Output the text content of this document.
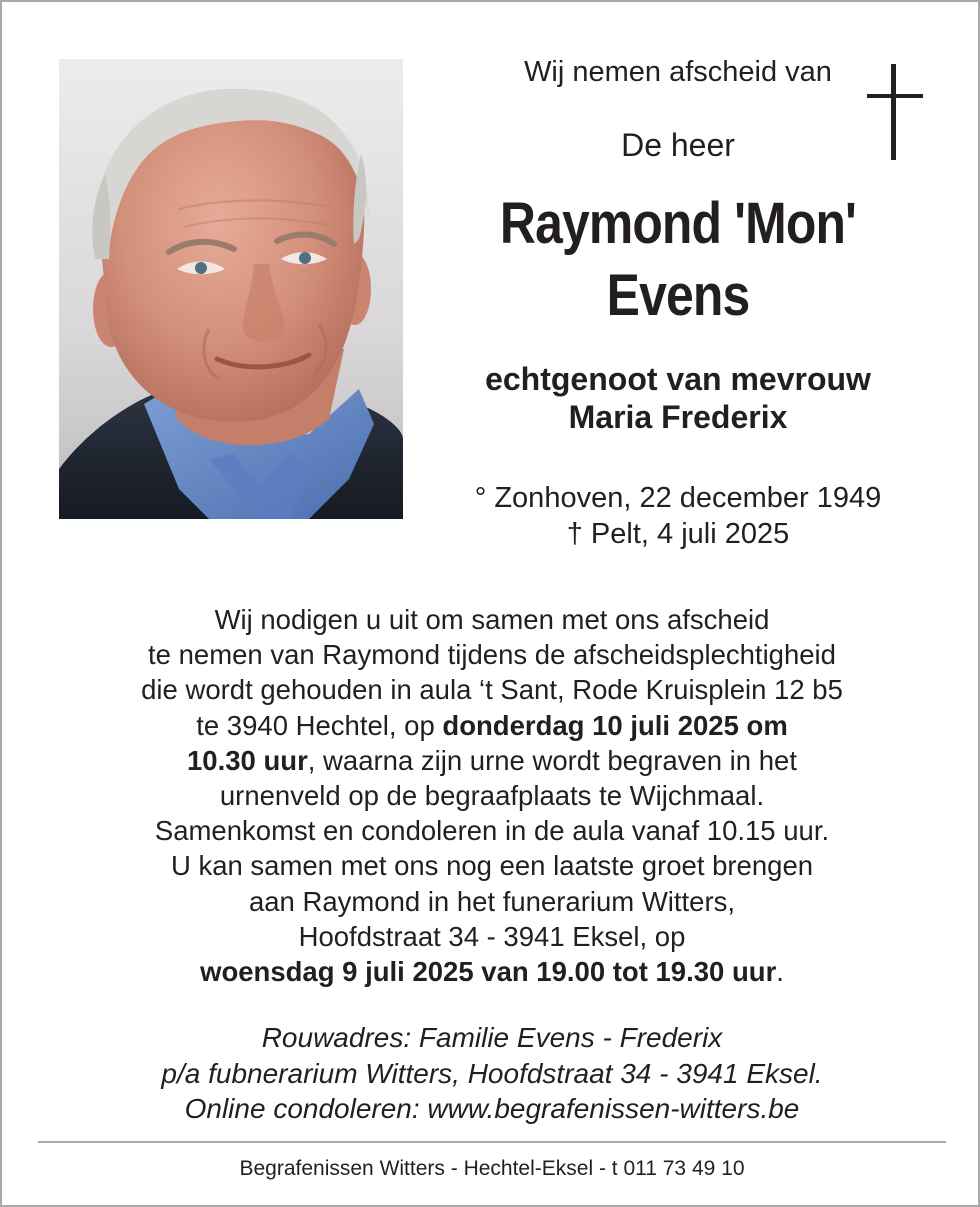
Wij nemen afscheid van
De heer
Raymond 'Mon'
Evens
echtgenoot van mevrouw
Maria Frederix
° Zonhoven, 22 december 1949
† Pelt, 4 juli 2025
Wij nodigen u uit om samen met ons afscheid
te nemen van Raymond tijdens de afscheidsplechtigheid
die wordt gehouden in aula ‘t Sant, Rode Kruisplein 12 b5
te 3940 Hechtel, op donderdag 10 juli 2025 om
10.30 uur, waarna zijn urne wordt begraven in het
urnenveld op de begraafplaats te Wijchmaal.
Samenkomst en condoleren in de aula vanaf 10.15 uur.
U kan samen met ons nog een laatste groet brengen
aan Raymond in het funerarium Witters,
Hoofdstraat 34 - 3941 Eksel, op
woensdag 9 juli 2025 van 19.00 tot 19.30 uur.
Rouwadres: Familie Evens - Frederix
p/a fubnerarium Witters, Hoofdstraat 34 - 3941 Eksel.
Online condoleren: www.begrafenissen-witters.be
Begrafenissen Witters - Hechtel-Eksel - t 011 73 49 10
